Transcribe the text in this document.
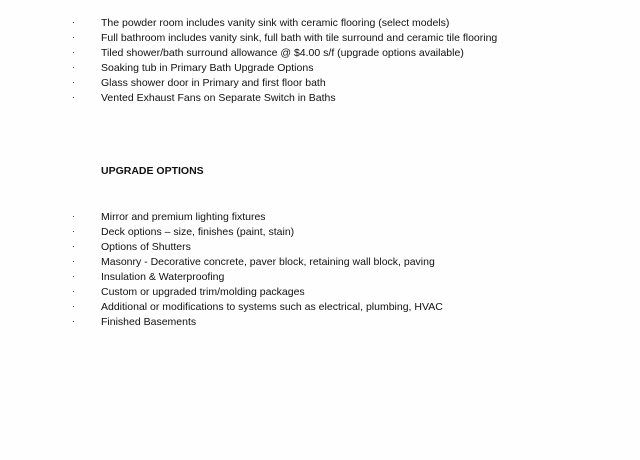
· The powder room includes vanity sink with ceramic flooring (select models)
· Full bathroom includes vanity sink, full bath with tile surround and ceramic tile flooring
· Tiled shower/bath surround allowance @ $4.00 s/f (upgrade options available)
· Soaking tub in Primary Bath Upgrade Options
· Glass shower door in Primary and first floor bath
· Vented Exhaust Fans on Separate Switch in Baths
UPGRADE OPTIONS
· Mirror and premium lighting fixtures
· Deck options – size, finishes (paint, stain)
· Options of Shutters
· Masonry - Decorative concrete, paver block, retaining wall block, paving
· Insulation & Waterproofing
· Custom or upgraded trim/molding packages
· Additional or modifications to systems such as electrical, plumbing, HVAC
· Finished Basements
